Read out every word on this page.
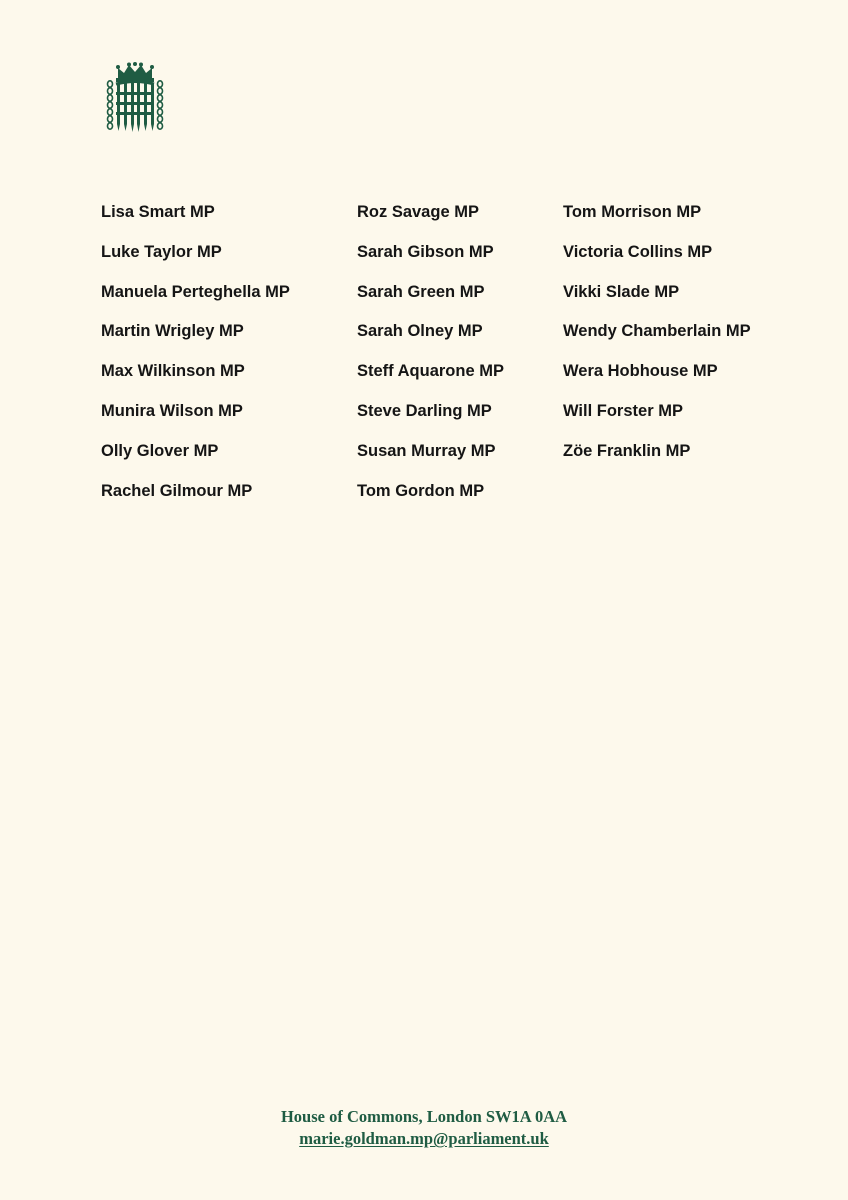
Lisa Smart MP
Luke Taylor MP
Manuela Perteghella MP
Martin Wrigley MP
Max Wilkinson MP
Munira Wilson MP
Olly Glover MP
Rachel Gilmour MP
Roz Savage MP
Sarah Gibson MP
Sarah Green MP
Sarah Olney MP
Steff Aquarone MP
Steve Darling MP
Susan Murray MP
Tom Gordon MP
Tom Morrison MP
Victoria Collins MP
Vikki Slade MP
Wendy Chamberlain MP
Wera Hobhouse MP
Will Forster MP
Zöe Franklin MP
House of Commons, London SW1A 0AA
marie.goldman.mp@parliament.uk
